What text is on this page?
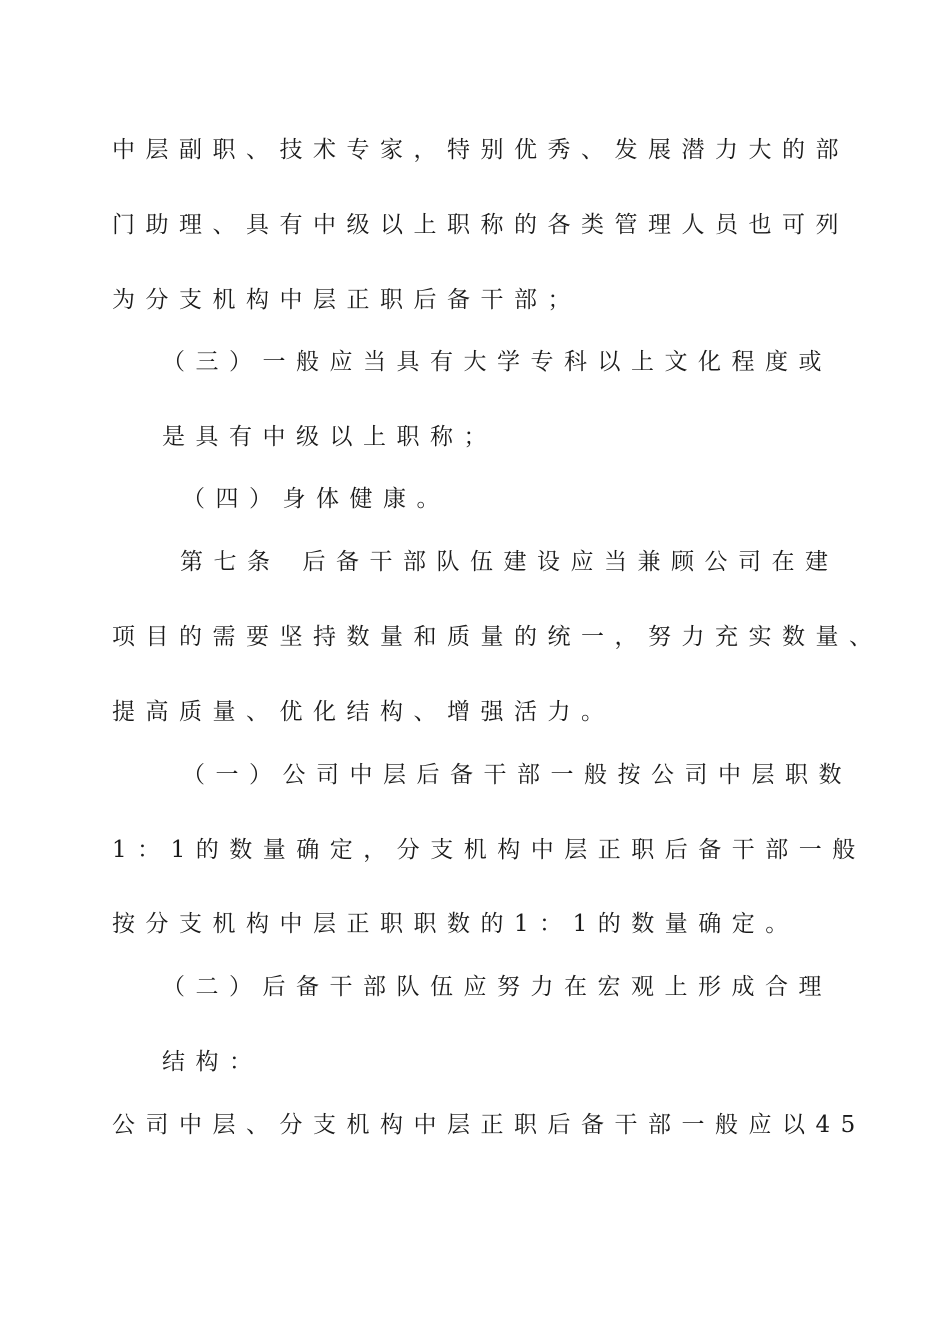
中层副职、技术专家，特别优秀、发展潜力大的部
门助理、具有中级以上职称的各类管理人员也可列
为分支机构中层正职后备干部；
（三）一般应当具有大学专科以上文化程度或
是具有中级以上职称；
（四）身体健康。
第七条 后备干部队伍建设应当兼顾公司在建
项目的需要坚持数量和质量的统一，努力充实数量、
提高质量、优化结构、增强活力。
（一）公司中层后备干部一般按公司中层职数
1：1的数量确定，分支机构中层正职后备干部一般
按分支机构中层正职职数的1：1的数量确定。
（二）后备干部队伍应努力在宏观上形成合理
结构：
公司中层、分支机构中层正职后备干部一般应以45
